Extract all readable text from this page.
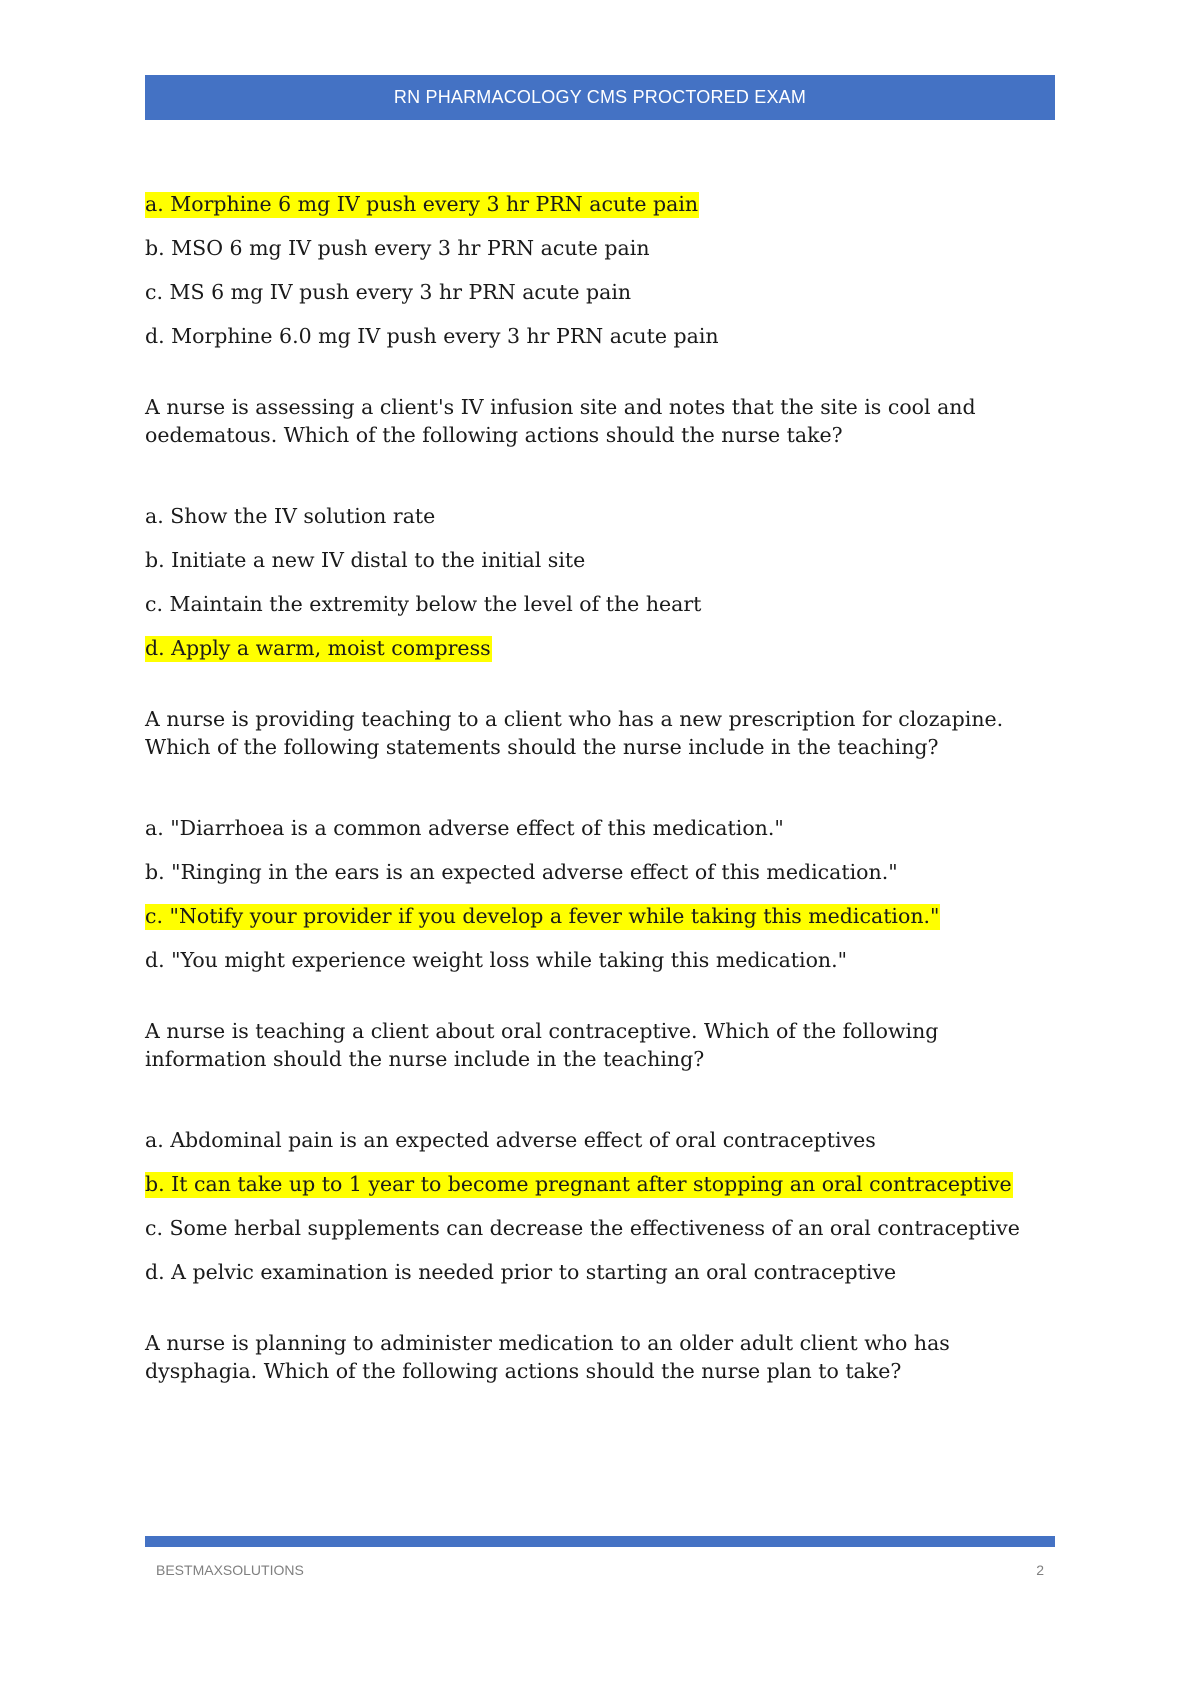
RN PHARMACOLOGY CMS PROCTORED EXAM

a. Morphine 6 mg IV push every 3 hr PRN acute pain

b. MSO 6 mg IV push every 3 hr PRN acute pain

c. MS 6 mg IV push every 3 hr PRN acute pain

d. Morphine 6.0 mg IV push every 3 hr PRN acute pain

A nurse is assessing a client's IV infusion site and notes that the site is cool and

oedematous. Which of the following actions should the nurse take?

a. Show the IV solution rate

b. Initiate a new IV distal to the initial site

c. Maintain the extremity below the level of the heart

d. Apply a warm, moist compress

A nurse is providing teaching to a client who has a new prescription for clozapine.

Which of the following statements should the nurse include in the teaching?

a. "Diarrhoea is a common adverse effect of this medication."

b. "Ringing in the ears is an expected adverse effect of this medication."

c. "Notify your provider if you develop a fever while taking this medication."

d. "You might experience weight loss while taking this medication."

A nurse is teaching a client about oral contraceptive. Which of the following

information should the nurse include in the teaching?

a. Abdominal pain is an expected adverse effect of oral contraceptives

b. It can take up to 1 year to become pregnant after stopping an oral contraceptive

c. Some herbal supplements can decrease the effectiveness of an oral contraceptive

d. A pelvic examination is needed prior to starting an oral contraceptive

A nurse is planning to administer medication to an older adult client who has

dysphagia. Which of the following actions should the nurse plan to take?

BESTMAXSOLUTIONS	2
